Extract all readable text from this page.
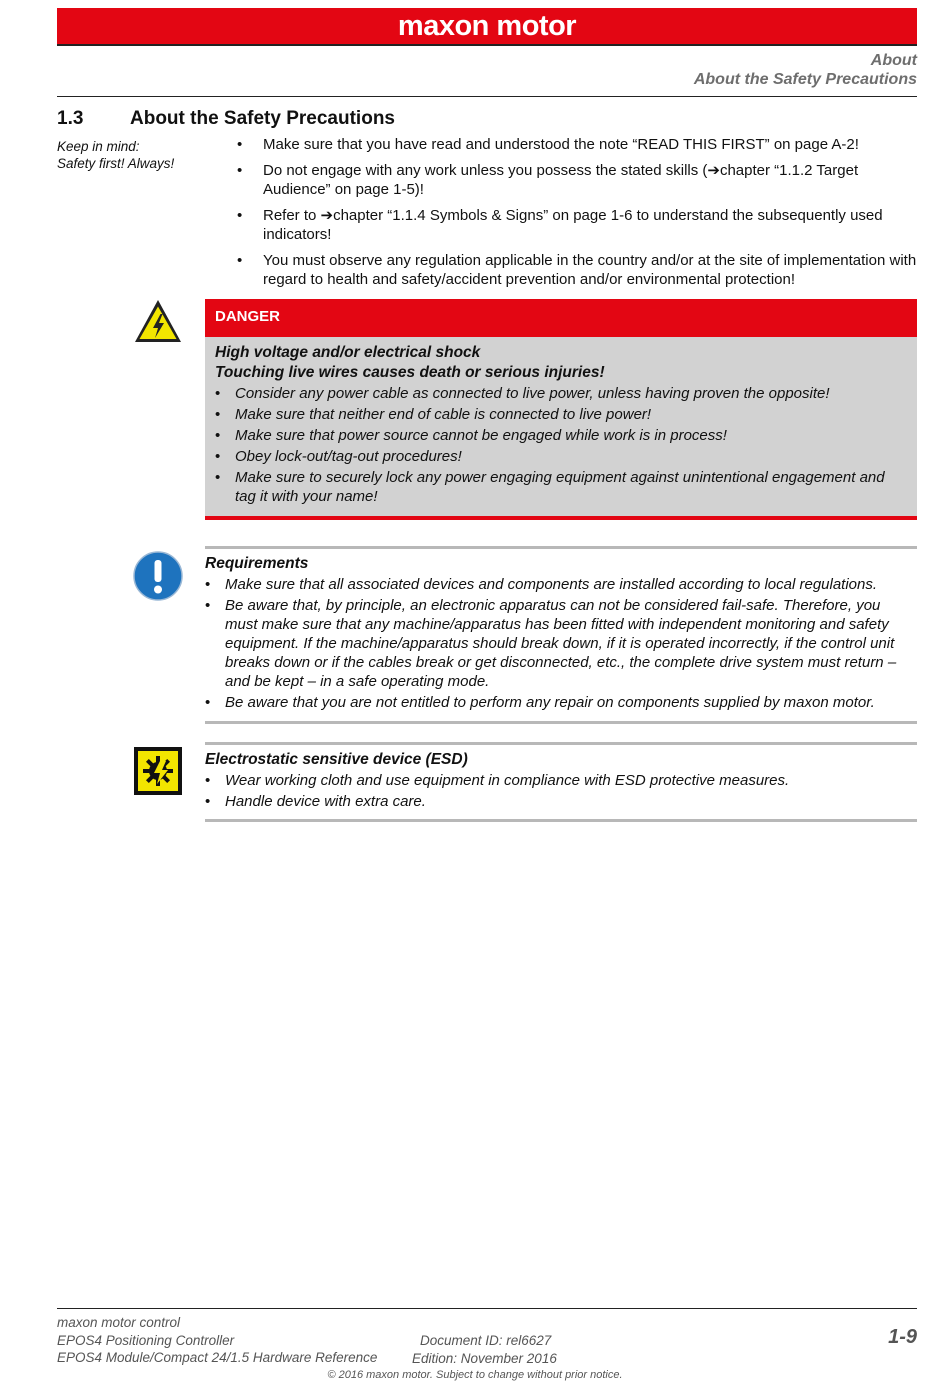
maxon motor
About
About the Safety Precautions
1.3 About the Safety Precautions
Keep in mind:
Safety first! Always!
• Make sure that you have read and understood the note “READ THIS FIRST” on page A-2!
• Do not engage with any work unless you possess the stated skills (➔chapter “1.1.2 Target Audience” on page 1-5)!
• Refer to ➔chapter “1.1.4 Symbols & Signs” on page 1-6 to understand the subsequently used indicators!
• You must observe any regulation applicable in the country and/or at the site of implementation with regard to health and safety/accident prevention and/or environmental protection!
DANGER
High voltage and/or electrical shock
Touching live wires causes death or serious injuries!
• Consider any power cable as connected to live power, unless having proven the opposite!
• Make sure that neither end of cable is connected to live power!
• Make sure that power source cannot be engaged while work is in process!
• Obey lock-out/tag-out procedures!
• Make sure to securely lock any power engaging equipment against unintentional engagement and tag it with your name!
Requirements
• Make sure that all associated devices and components are installed according to local regulations.
• Be aware that, by principle, an electronic apparatus can not be considered fail-safe. Therefore, you must make sure that any machine/apparatus has been fitted with independent monitoring and safety equipment. If the machine/apparatus should break down, if it is operated incorrectly, if the control unit breaks down or if the cables break or get disconnected, etc., the complete drive system must return – and be kept – in a safe operating mode.
• Be aware that you are not entitled to perform any repair on components supplied by maxon motor.
Electrostatic sensitive device (ESD)
• Wear working cloth and use equipment in compliance with ESD protective measures.
• Handle device with extra care.
maxon motor control
EPOS4 Positioning Controller
EPOS4 Module/Compact 24/1.5 Hardware Reference
Document ID: rel6627
Edition: November 2016
1-9
© 2016 maxon motor. Subject to change without prior notice.
